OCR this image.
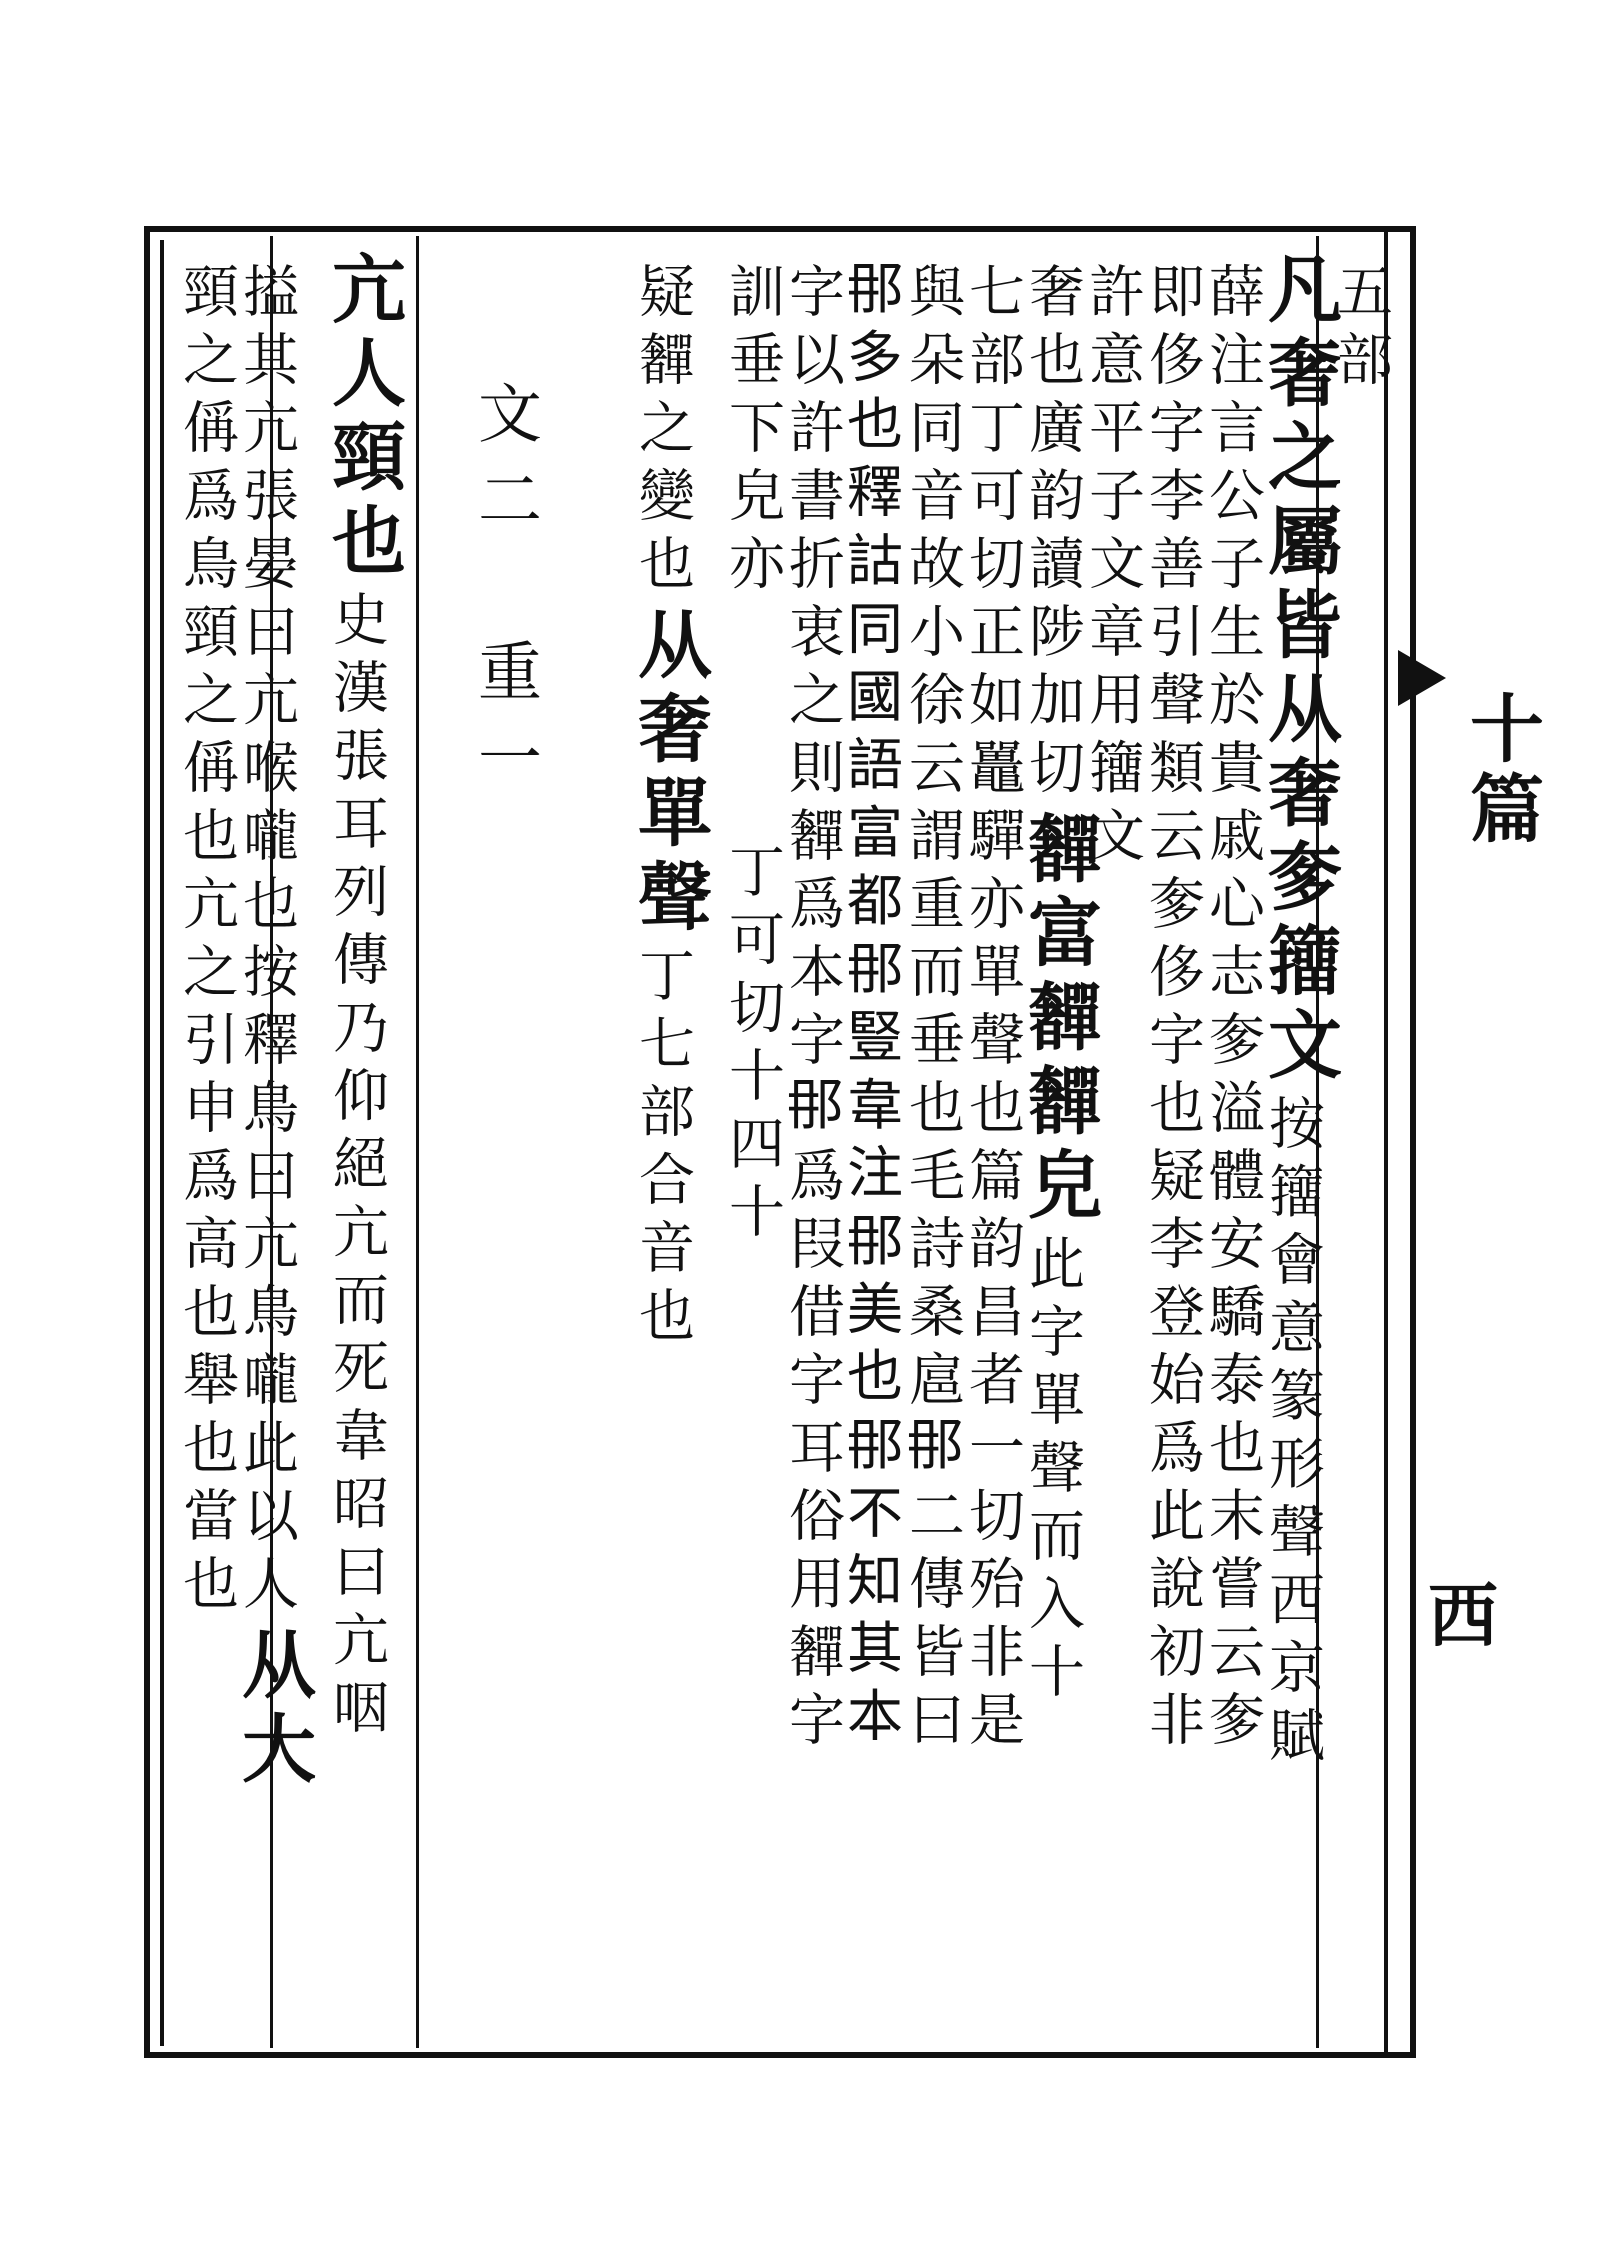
十篇
西
五部
凡奢之屬皆从奢奓籒文
按籒會意篆形聲西京賦
薛注言公子生於貴戚心志奓溢體安驕泰也末嘗云奓
即侈字李善引聲類云奓侈字也疑李登始爲此說初非
許意平子文章用籒文
奢也廣韵讀陟加切
奲富奲奲皃
此字單聲而入十
七部丁可切正如鼉驒亦單聲也篇韵昌者一切殆非是
與朵同音故小徐云謂重而垂也毛詩桑扈𨙻二傳皆曰
𨙻多也釋詁同國語富都𨙻豎韋注𨙻美也𨙻不知其本
字以許書折衷之則奲爲本字𨙻爲叚借字耳俗用奲字
訓垂下皃亦
丁可切十四十
疑奲之變也
从奢單聲
丁七部合音也
文二　重一
亢人頸也
史漢張耳列傳乃仰絕亢而死韋昭曰亢咽
搤其亢張晏曰亢喉嚨也按釋鳥曰亢鳥嚨此以人
从大
頸之偁爲鳥頸之偁也亢之引申爲高也舉也當也
